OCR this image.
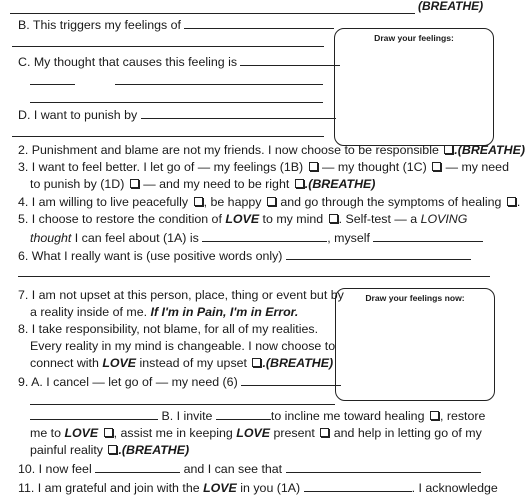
(BREATHE)
Draw your feelings:
B. This triggers my feelings of
C. My thought that causes this feeling is
D. I want to punish by
2. Punishment and blame are not my friends. I now choose to be responsible .(BREATHE)
3. I want to feel better. I let go of — my feelings (1B) — my thought (1C) — my need
to punish by (1D) — and my need to be right .(BREATHE)
4. I am willing to live peacefully , be happy and go through the symptoms of healing .
5. I choose to restore the condition of LOVE to my mind . Self-test — a LOVING
thought I can feel about (1A) is	, myself
6. What I really want is (use positive words only)
Draw your feelings now:
7. I am not upset at this person, place, thing or event but by
a reality inside of me. If I'm in Pain, I'm in Error.
8. I take responsibility, not blame, for all of my realities.
Every reality in my mind is changeable. I now choose to
connect with LOVE instead of my upset .(BREATHE)
9. A. I cancel — let go of — my need (6)
B. I invite	to incline me toward healing , restore
me to LOVE , assist me in keeping LOVE present and help in letting go of my
painful reality .(BREATHE)
10. I now feel	and I can see that
11. I am grateful and join with the LOVE in you (1A)	. I acknowledge
